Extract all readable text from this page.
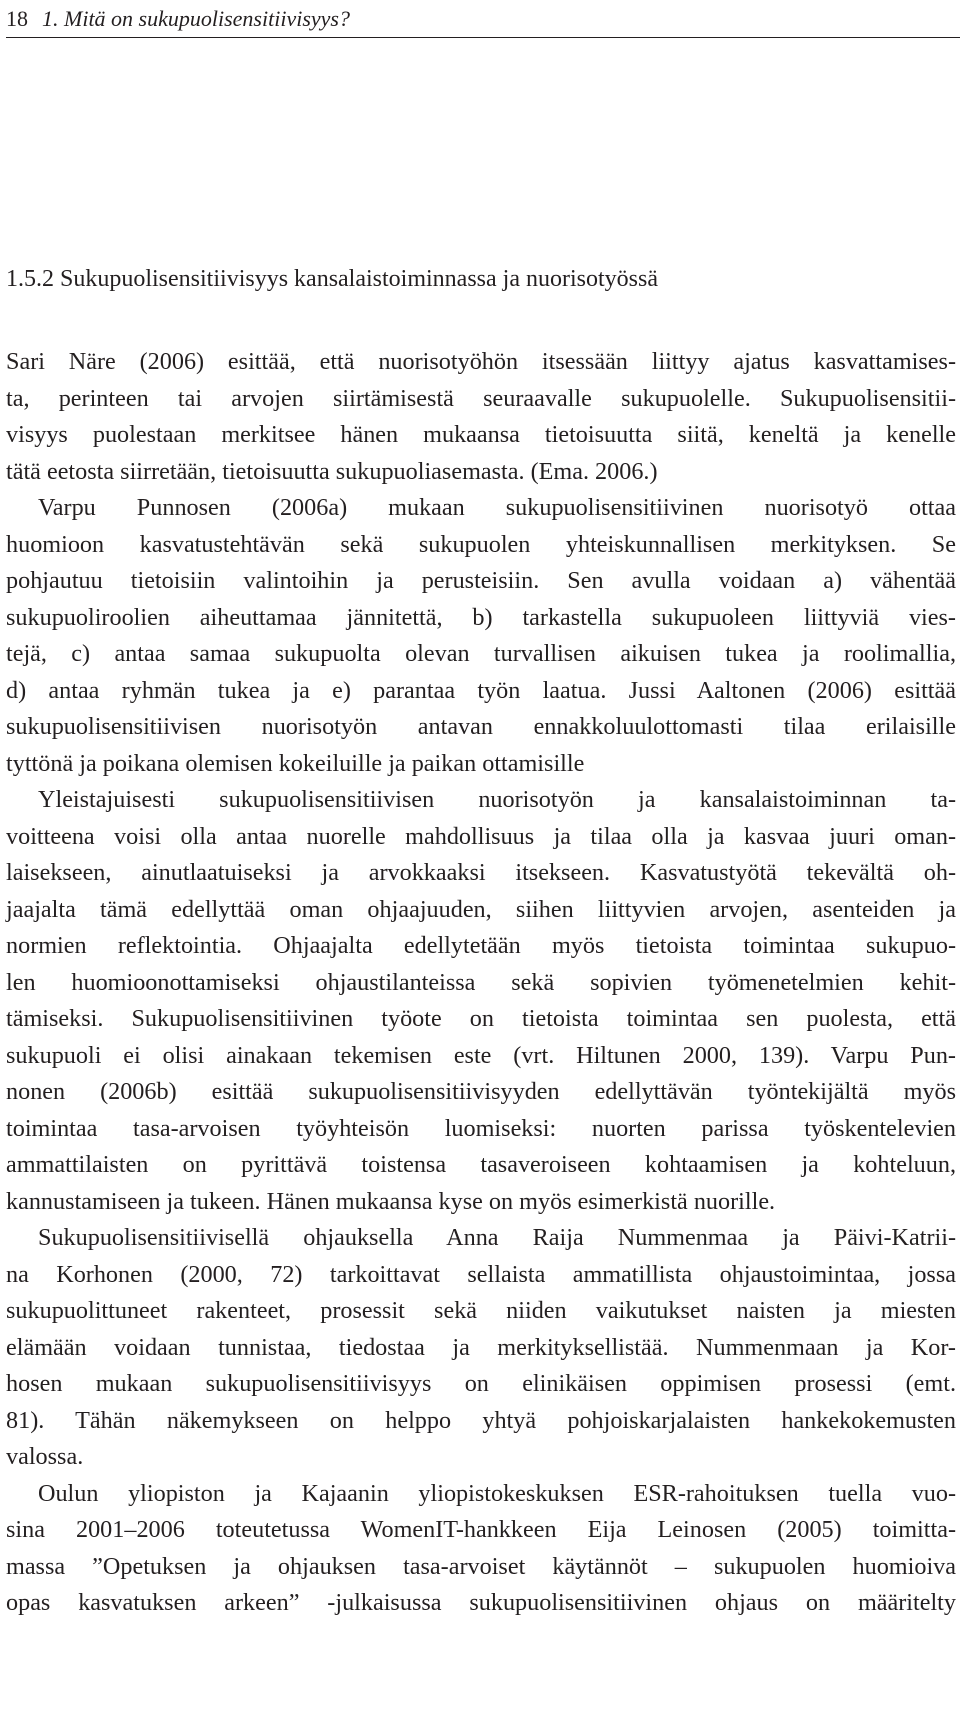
18 1. Mitä on sukupuolisensitiivisyys?
1.5.2 Sukupuolisensitiivisyys kansalaistoiminnassa ja nuorisotyössä
Sari Näre (2006) esittää, että nuorisotyöhön itsessään liittyy ajatus kasvattamises-
ta, perinteen tai arvojen siirtämisestä seuraavalle sukupuolelle. Sukupuolisensitii-
visyys puolestaan merkitsee hänen mukaansa tietoisuutta siitä, keneltä ja kenelle
tätä eetosta siirretään, tietoisuutta sukupuoliasemasta. (Ema. 2006.)
Varpu Punnosen (2006a) mukaan sukupuolisensitiivinen nuorisotyö ottaa
huomioon kasvatustehtävän sekä sukupuolen yhteiskunnallisen merkityksen. Se
pohjautuu tietoisiin valintoihin ja perusteisiin. Sen avulla voidaan a) vähentää
sukupuoliroolien aiheuttamaa jännitettä, b) tarkastella sukupuoleen liittyviä vies-
tejä, c) antaa samaa sukupuolta olevan turvallisen aikuisen tukea ja roolimallia,
d) antaa ryhmän tukea ja e) parantaa työn laatua. Jussi Aaltonen (2006) esittää
sukupuolisensitiivisen nuorisotyön antavan ennakkoluulottomasti tilaa erilaisille
tyttönä ja poikana olemisen kokeiluille ja paikan ottamisille
Yleistajuisesti sukupuolisensitiivisen nuorisotyön ja kansalaistoiminnan ta-
voitteena voisi olla antaa nuorelle mahdollisuus ja tilaa olla ja kasvaa juuri oman-
laisekseen, ainutlaatuiseksi ja arvokkaaksi itsekseen. Kasvatustyötä tekevältä oh-
jaajalta tämä edellyttää oman ohjaajuuden, siihen liittyvien arvojen, asenteiden ja
normien reflektointia. Ohjaajalta edellytetään myös tietoista toimintaa sukupuo-
len huomioonottamiseksi ohjaustilanteissa sekä sopivien työmenetelmien kehit-
tämiseksi. Sukupuolisensitiivinen työote on tietoista toimintaa sen puolesta, että
sukupuoli ei olisi ainakaan tekemisen este (vrt. Hiltunen 2000, 139). Varpu Pun-
nonen (2006b) esittää sukupuolisensitiivisyyden edellyttävän työntekijältä myös
toimintaa tasa-arvoisen työyhteisön luomiseksi: nuorten parissa työskentelevien
ammattilaisten on pyrittävä toistensa tasaveroiseen kohtaamisen ja kohteluun,
kannustamiseen ja tukeen. Hänen mukaansa kyse on myös esimerkistä nuorille.
Sukupuolisensitiivisellä ohjauksella Anna Raija Nummenmaa ja Päivi-Katrii-
na Korhonen (2000, 72) tarkoittavat sellaista ammatillista ohjaustoimintaa, jossa
sukupuolittuneet rakenteet, prosessit sekä niiden vaikutukset naisten ja miesten
elämään voidaan tunnistaa, tiedostaa ja merkityksellistää. Nummenmaan ja Kor-
hosen mukaan sukupuolisensitiivisyys on elinikäisen oppimisen prosessi (emt.
81). Tähän näkemykseen on helppo yhtyä pohjoiskarjalaisten hankekokemusten
valossa.
Oulun yliopiston ja Kajaanin yliopistokeskuksen ESR-rahoituksen tuella vuo-
sina 2001–2006 toteutetussa WomenIT-hankkeen Eija Leinosen (2005) toimitta-
massa ”Opetuksen ja ohjauksen tasa-arvoiset käytännöt – sukupuolen huomioiva
opas kasvatuksen arkeen” -julkaisussa sukupuolisensitiivinen ohjaus on määritelty
